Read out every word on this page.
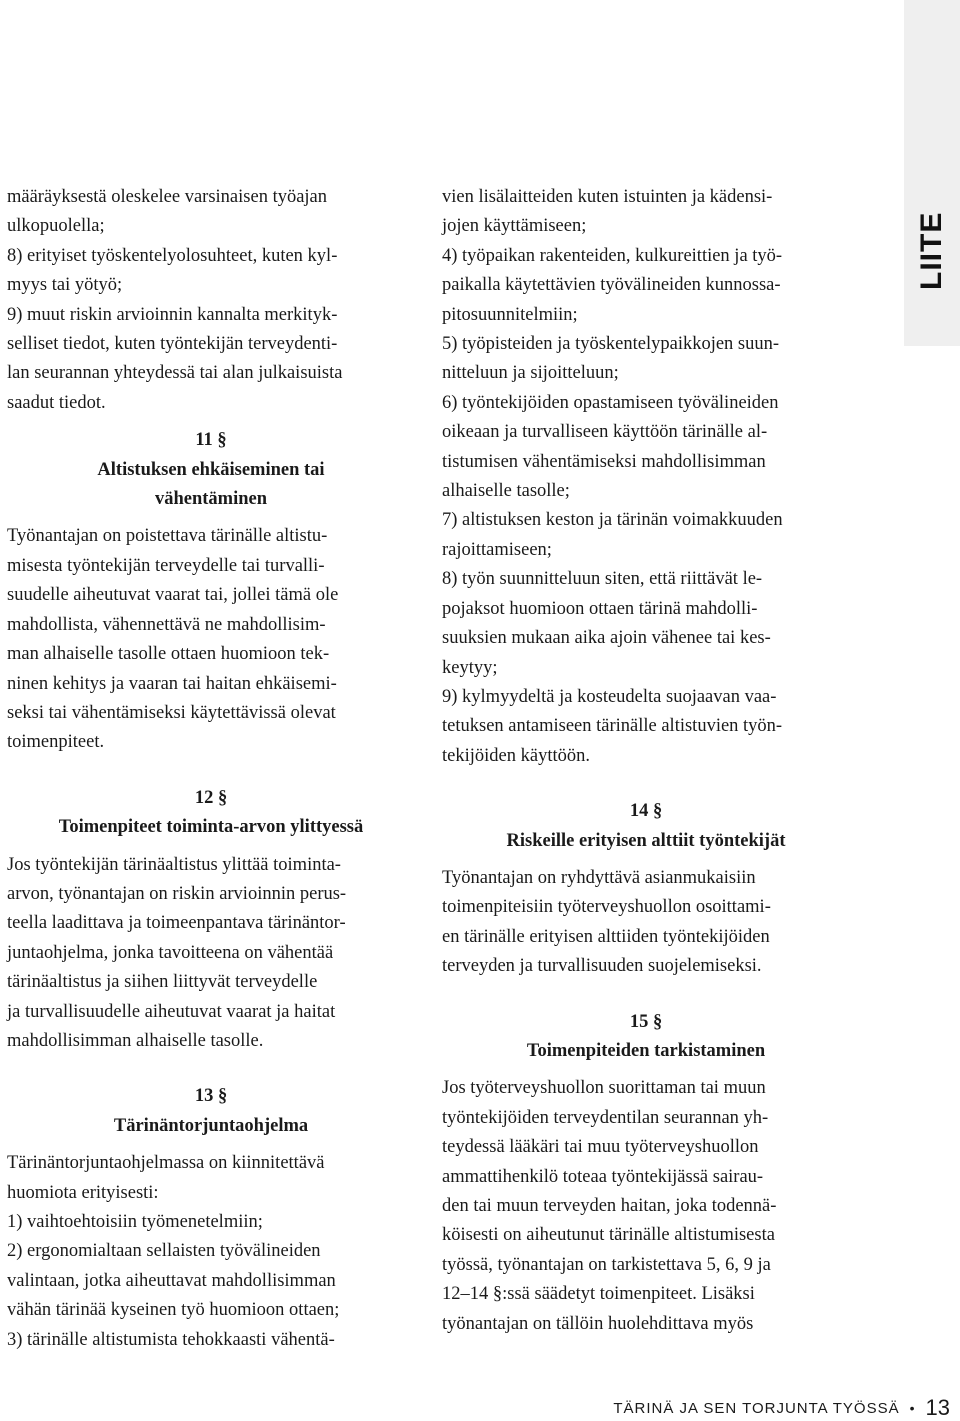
LIITE

määräyksestä oleskelee varsinaisen työajan
ulkopuolella;
8) erityiset työskentelyolosuhteet, kuten kyl-
myys tai yötyö;
9) muut riskin arvioinnin kannalta merkityk-
selliset tiedot, kuten työntekijän terveydenti-
lan seurannan yhteydessä tai alan julkaisuista
saadut tiedot.

11 §
Altistuksen ehkäiseminen tai
vähentäminen

Työnantajan on poistettava tärinälle altistu-
misesta työntekijän terveydelle tai turvalli-
suudelle aiheutuvat vaarat tai, jollei tämä ole
mahdollista, vähennettävä ne mahdollisim-
man alhaiselle tasolle ottaen huomioon tek-
ninen kehitys ja vaaran tai haitan ehkäisemi-
seksi tai vähentämiseksi käytettävissä olevat
toimenpiteet.

12 §
Toimenpiteet toiminta-arvon ylittyessä

Jos työntekijän tärinäaltistus ylittää toiminta-
arvon, työnantajan on riskin arvioinnin perus-
teella laadittava ja toimeenpantava tärinäntor-
juntaohjelma, jonka tavoitteena on vähentää
tärinäaltistus ja siihen liittyvät terveydelle
ja turvallisuudelle aiheutuvat vaarat ja haitat
mahdollisimman alhaiselle tasolle.

13 §
Tärinäntorjuntaohjelma

Tärinäntorjuntaohjelmassa on kiinnitettävä
huomiota erityisesti:
1) vaihtoehtoisiin työmenetelmiin;
2) ergonomialtaan sellaisten työvälineiden
valintaan, jotka aiheuttavat mahdollisimman
vähän tärinää kyseinen työ huomioon ottaen;
3) tärinälle altistumista tehokkaasti vähentä-

vien lisälaitteiden kuten istuinten ja kädensi-
jojen käyttämiseen;
4) työpaikan rakenteiden, kulkureittien ja työ-
paikalla käytettävien työvälineiden kunnossa-
pitosuunnitelmiin;
5) työpisteiden ja työskentelypaikkojen suun-
nitteluun ja sijoitteluun;
6) työntekijöiden opastamiseen työvälineiden
oikeaan ja turvalliseen käyttöön tärinälle al-
tistumisen vähentämiseksi mahdollisimman
alhaiselle tasolle;
7) altistuksen keston ja tärinän voimakkuuden
rajoittamiseen;
8) työn suunnitteluun siten, että riittävät le-
pojaksot huomioon ottaen tärinä mahdolli-
suuksien mukaan aika ajoin vähenee tai kes-
keytyy;
9) kylmyydeltä ja kosteudelta suojaavan vaa-
tetuksen antamiseen tärinälle altistuvien työn-
tekijöiden käyttöön.

14 §
Riskeille erityisen alttiit työntekijät

Työnantajan on ryhdyttävä asianmukaisiin
toimenpiteisiin työterveyshuollon osoittami-
en tärinälle erityisen alttiiden työntekijöiden
terveyden ja turvallisuuden suojelemiseksi.

15 §
Toimenpiteiden tarkistaminen

Jos työterveyshuollon suorittaman tai muun
työntekijöiden terveydentilan seurannan yh-
teydessä lääkäri tai muu työterveyshuollon
ammattihenkilö toteaa työntekijässä sairau-
den tai muun terveyden haitan, joka todennä-
köisesti on aiheutunut tärinälle altistumisesta
työssä, työnantajan on tarkistettava 5, 6, 9 ja
12–14 §:ssä säädetyt toimenpiteet. Lisäksi
työnantajan on tällöin huolehdittava myös

TÄRINÄ JA SEN TORJUNTA TYÖSSÄ • 13
